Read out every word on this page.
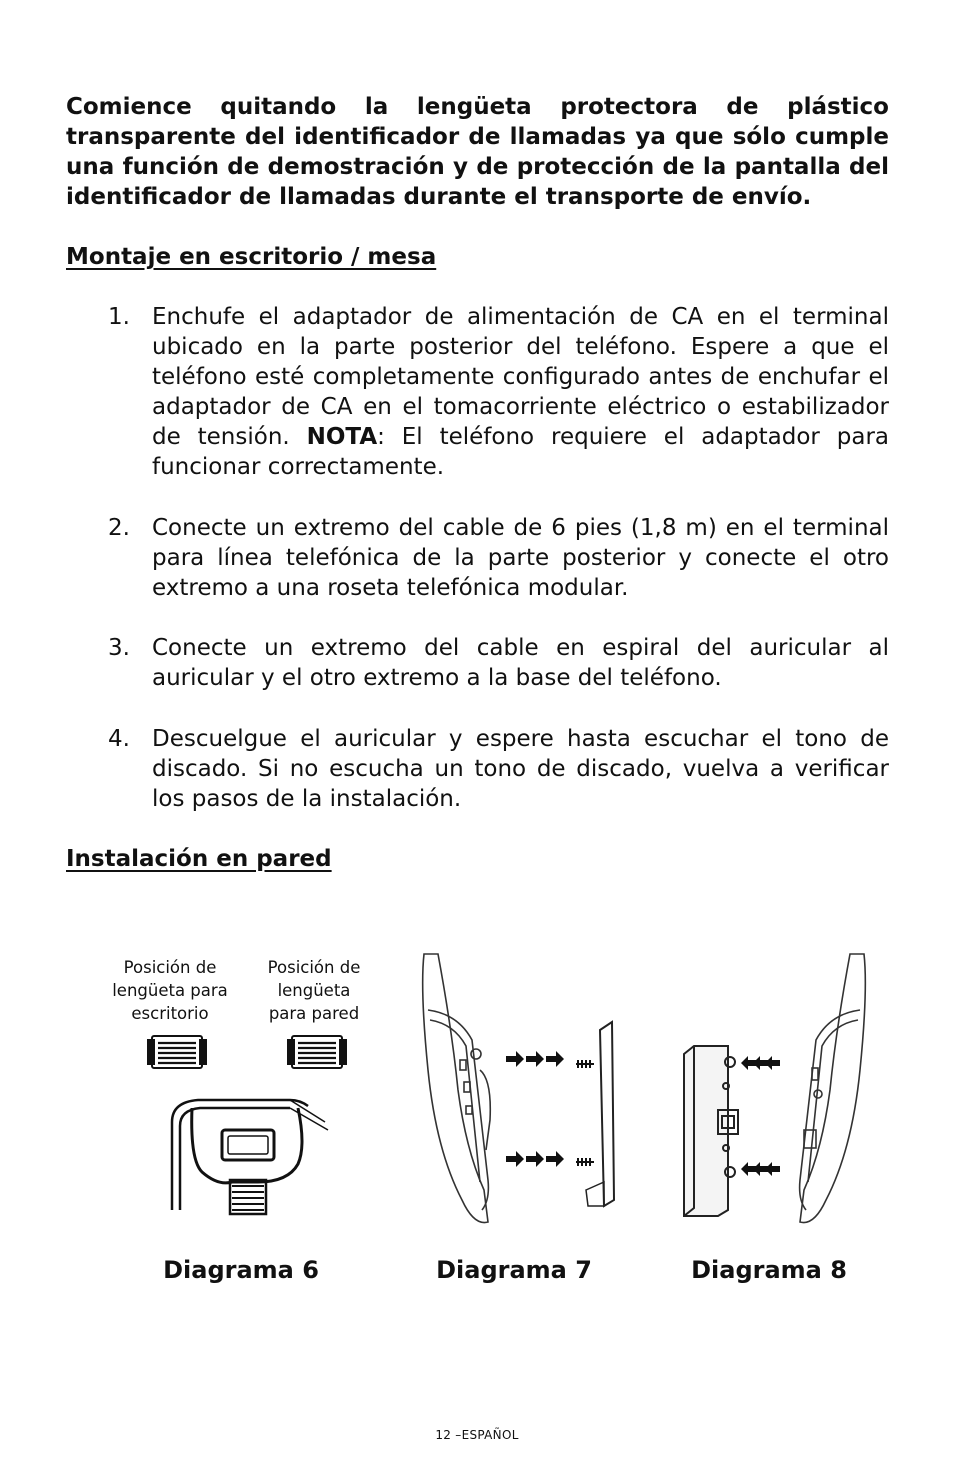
Comience quitando la lengüeta protectora de plástico transparente del identificador de llamadas ya que sólo cumple una función de demostración y de protección de la pantalla del identificador de llamadas durante el transporte de envío.

Montaje en escritorio / mesa

1. Enchufe el adaptador de alimentación de CA en el terminal ubicado en la parte posterior del teléfono. Espere a que el teléfono esté completamente configurado antes de enchufar el adaptador de CA en el tomacorriente eléctrico o estabilizador de tensión. NOTA: El teléfono requiere el adaptador para funcionar correctamente.

2. Conecte un extremo del cable de 6 pies (1,8 m) en el terminal para línea telefónica de la parte posterior y conecte el otro extremo a una roseta telefónica modular.

3. Conecte un extremo del cable en espiral del auricular al auricular y el otro extremo a la base del teléfono.

4. Descuelgue el auricular y espere hasta escuchar el tono de discado. Si no escucha un tono de discado, vuelva a verificar los pasos de la instalación.

Instalación en pared

Posición de
lengüeta para
escritorio
Posición de
lengüeta
para pared
Diagrama 6	Diagrama 7	Diagrama 8
12 –ESPAÑOL
